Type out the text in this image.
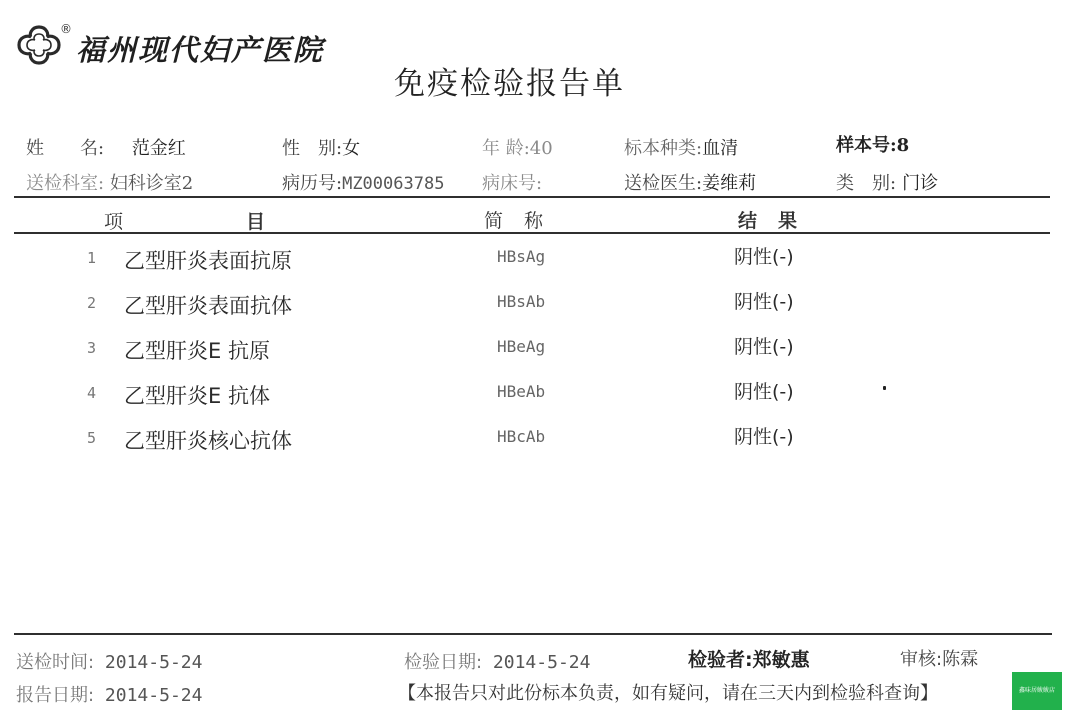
®
福州现代妇产医院
免疫检验报告单
姓　　名: 范金红	性　别:女	年 龄:40	标本种类:血清	样本号:8
送检科室: 妇科诊室2	病历号:MZ00063785 病床号:	送检医生:姜维莉	类　别: 门诊
项	目	简　称	结　果
1 乙型肝炎表面抗原	HBsAg	阴性(-)
2 乙型肝炎表面抗体	HBsAb	阴性(-)
3 乙型肝炎E 抗原	HBeAg	阴性(-)
4 乙型肝炎E 抗体	HBeAb	阴性(-)
5 乙型肝炎核心抗体	HBcAb	阴性(-)
送检时间: 2014-5-24	检验日期: 2014-5-24	检验者:郑敏惠	审核:陈霖
报告日期: 2014-5-24	【本报告只对此份标本负责，如有疑问，请在三天内到检验科查询】	鑫味居鲅鲅店
